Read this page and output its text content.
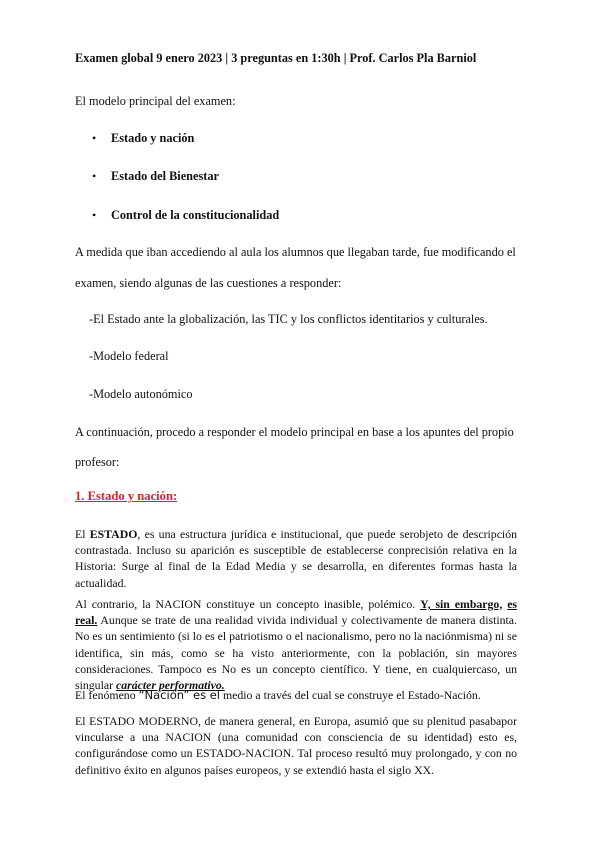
Examen global 9 enero 2023 | 3 preguntas en 1:30h | Prof. Carlos Pla Barniol
El modelo principal del examen:
• Estado y nación
• Estado del Bienestar
• Control de la constitucionalidad
A medida que iban accediendo al aula los alumnos que llegaban tarde, fue modificando el
examen, siendo algunas de las cuestiones a responder:
-El Estado ante la globalización, las TIC y los conflictos identitarios y culturales.
-Modelo federal
-Modelo autonómico
A continuación, procedo a responder el modelo principal en base a los apuntes del propio
profesor:
1. Estado y nación:

El ESTADO, es una estructura jurídica e institucional, que puede serobjeto de descripción contrastada. Incluso su aparición es susceptible de establecerse conprecisión relativa en la Historia: Surge al final de la Edad Media y se desarrolla, en diferentes formas hasta la actualidad.

Al contrario, la NACION constituye un concepto inasible, polémico. Y, sin embargo, es real. Aunque se trate de una realidad vivida individual y colectivamente de manera distinta. No es un sentimiento (si lo es el patriotismo o el nacionalismo, pero no la naciónmisma) ni se identifica, sin más, como se ha visto anteriormente, con la población, sin mayores consideraciones. Tampoco es No es un concepto científico. Y tiene, en cualquiercaso, un singular carácter performativo.

El fenómeno “Nación” es el medio a través del cual se construye el Estado-Nación.

El ESTADO MODERNO, de manera general, en Europa, asumió que su plenitud pasabapor vincularse a una NACION (una comunidad con consciencia de su identidad) esto es, configurándose como un ESTADO-NACION. Tal proceso resultó muy prolongado, y con no definitivo éxito en algunos países europeos, y se extendió hasta el siglo XX.
